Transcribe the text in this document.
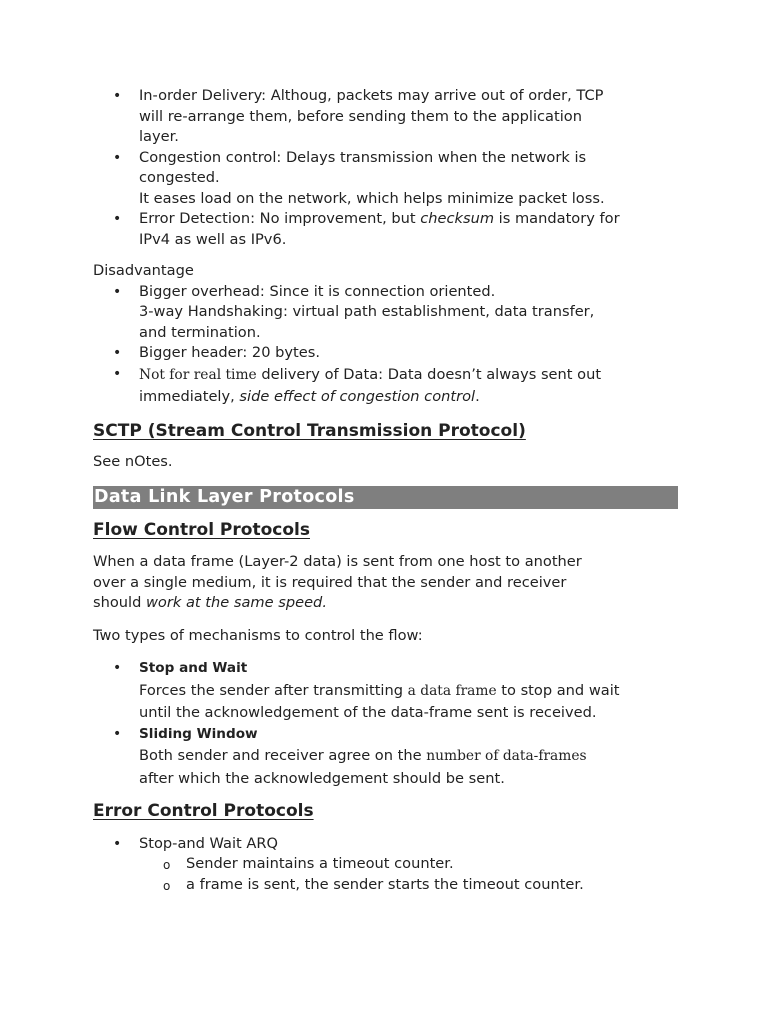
• In-order Delivery: Althoug, packets may arrive out of order, TCP
will re-arrange them, before sending them to the application
layer.
• Congestion control: Delays transmission when the network is
congested.
It eases load on the network, which helps minimize packet loss.
• Error Detection: No improvement, but checksum is mandatory for
IPv4 as well as IPv6.

Disadvantage

• Bigger overhead: Since it is connection oriented.
3-way Handshaking: virtual path establishment, data transfer,
and termination.
• Bigger header: 20 bytes.
• Not for real time delivery of Data: Data doesn’t always sent out
immediately, side effect of congestion control.
SCTP (Stream Control Transmission Protocol)

See nOtes.

Data Link Layer Protocols
Flow Control Protocols

When a data frame (Layer-2 data) is sent from one host to another
over a single medium, it is required that the sender and receiver
should work at the same speed.

Two types of mechanisms to control the flow:

• Stop and Wait
Forces the sender after transmitting a data frame to stop and wait
until the acknowledgement of the data-frame sent is received.
• Sliding Window
Both sender and receiver agree on the number of data-frames
after which the acknowledgement should be sent.
Error Control Protocols
• Stop-and Wait ARQ
o Sender maintains a timeout counter.
o a frame is sent, the sender starts the timeout counter.
